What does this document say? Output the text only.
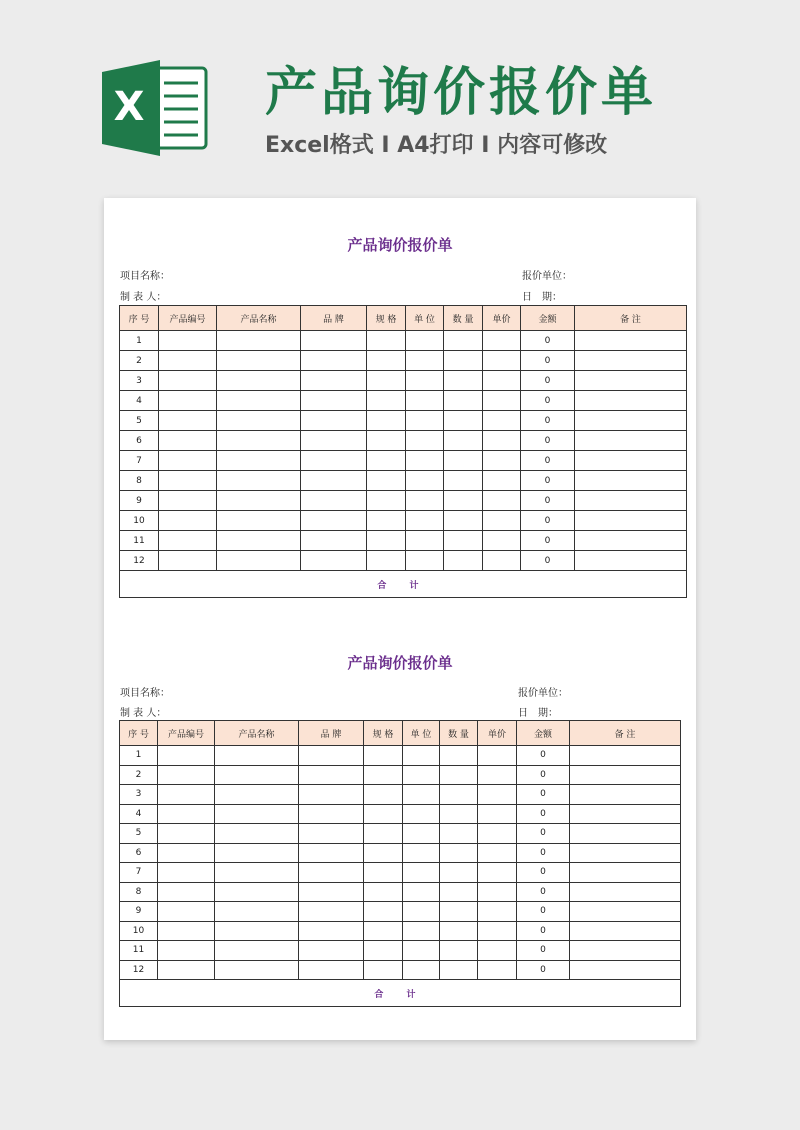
X 产品询价报价单
Excel格式 Ⅰ A4打印 Ⅰ 内容可修改
产品询价报价单
项目名称：
制 表 人：
报价单位：
日　期：
序 号	产品编号	产品名称	品 牌	规 格	单 位	数 量	单价	金额	备 注
1								0	
2								0	
3								0	
4								0	
5								0	
6								0	
7								0	
8								0	
9								0	
10								0	
11								0	
12								0	
合 计									
产品询价报价单
项目名称：
制 表 人：
报价单位：
日　期：
序 号	产品编号	产品名称	品 牌	规 格	单 位	数 量	单价	金额	备 注
1								0	
2								0	
3								0	
4								0	
5								0	
6								0	
7								0	
8								0	
9								0	
10								0	
11								0	
12								0	
合 计									
